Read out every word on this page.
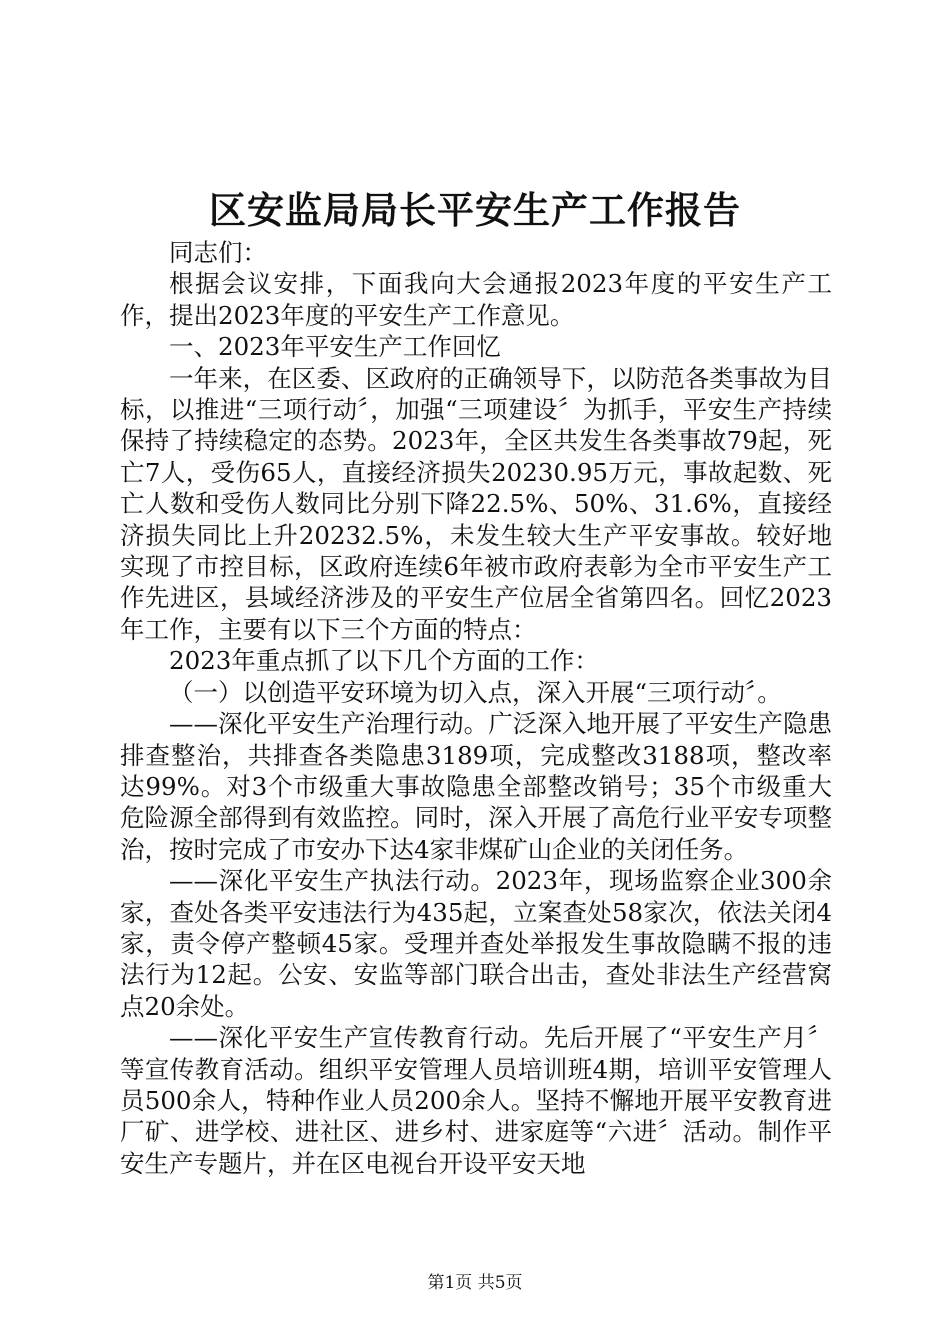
区安监局局长平安生产工作报告

同志们：

根据会议安排，下面我向大会通报2023年度的平安生产工作，提出2023年度的平安生产工作意见。

一、2023年平安生产工作回忆

一年来，在区委、区政府的正确领导下，以防范各类事故为目标，以推进“三项行动〞，加强“三项建设〞为抓手，平安生产持续保持了持续稳定的态势。2023年，全区共发生各类事故79起，死亡7人，受伤65人，直接经济损失20230.95万元，事故起数、死亡人数和受伤人数同比分别下降22.5%、50%、31.6%，直接经济损失同比上升20232.5%，未发生较大生产平安事故。较好地实现了市控目标，区政府连续6年被市政府表彰为全市平安生产工作先进区，县域经济涉及的平安生产位居全省第四名。回忆2023年工作，主要有以下三个方面的特点：

2023年重点抓了以下几个方面的工作：

（一）以创造平安环境为切入点，深入开展“三项行动〞。

——深化平安生产治理行动。广泛深入地开展了平安生产隐患排查整治，共排查各类隐患3189项，完成整改3188项，整改率达99%。对3个市级重大事故隐患全部整改销号；35个市级重大危险源全部得到有效监控。同时，深入开展了高危行业平安专项整治，按时完成了市安办下达4家非煤矿山企业的关闭任务。

——深化平安生产执法行动。2023年，现场监察企业300余家，查处各类平安违法行为435起，立案查处58家次，依法关闭4家，责令停产整顿45家。受理并查处举报发生事故隐瞒不报的违法行为12起。公安、安监等部门联合出击，查处非法生产经营窝点20余处。

——深化平安生产宣传教育行动。先后开展了“平安生产月〞等宣传教育活动。组织平安管理人员培训班4期，培训平安管理人员500余人，特种作业人员200余人。坚持不懈地开展平安教育进厂矿、进学校、进社区、进乡村、进家庭等“六进〞活动。制作平安生产专题片，并在区电视台开设平安天地

第1页 共5页
